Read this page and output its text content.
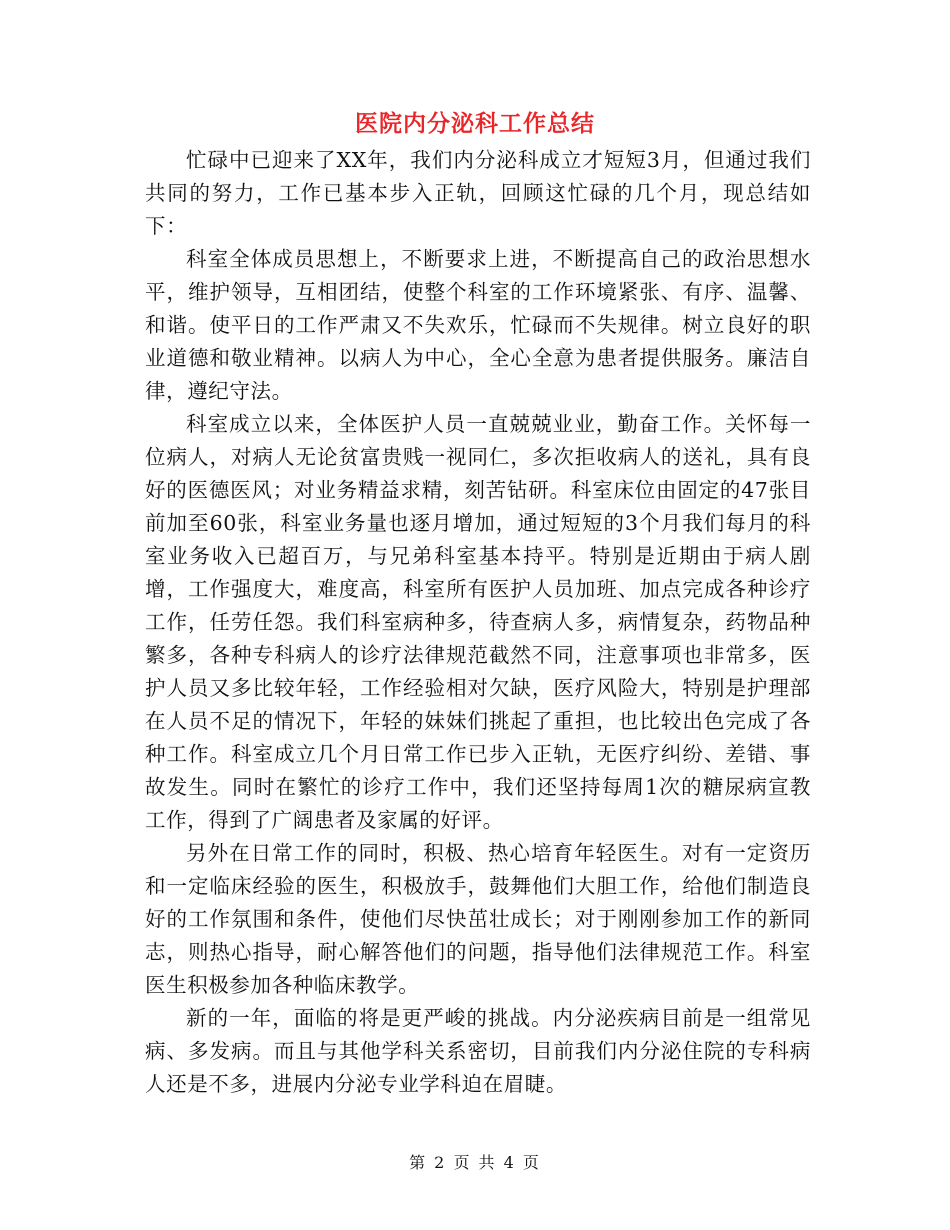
医院内分泌科工作总结

忙碌中已迎来了XX年，我们内分泌科成立才短短3月，但通过我们共同的努力，工作已基本步入正轨，回顾这忙碌的几个月，现总结如下：

科室全体成员思想上，不断要求上进，不断提高自己的政治思想水平，维护领导，互相团结，使整个科室的工作环境紧张、有序、温馨、和谐。使平日的工作严肃又不失欢乐，忙碌而不失规律。树立良好的职业道德和敬业精神。以病人为中心，全心全意为患者提供服务。廉洁自律，遵纪守法。

科室成立以来，全体医护人员一直兢兢业业，勤奋工作。关怀每一位病人，对病人无论贫富贵贱一视同仁，多次拒收病人的送礼，具有良好的医德医风；对业务精益求精，刻苦钻研。科室床位由固定的47张目前加至60张，科室业务量也逐月增加，通过短短的3个月我们每月的科室业务收入已超百万，与兄弟科室基本持平。特别是近期由于病人剧增，工作强度大，难度高，科室所有医护人员加班、加点完成各种诊疗工作，任劳任怨。我们科室病种多，待查病人多，病情复杂，药物品种繁多，各种专科病人的诊疗法律规范截然不同，注意事项也非常多，医护人员又多比较年轻，工作经验相对欠缺，医疗风险大，特别是护理部在人员不足的情况下，年轻的妹妹们挑起了重担，也比较出色完成了各种工作。科室成立几个月日常工作已步入正轨，无医疗纠纷、差错、事故发生。同时在繁忙的诊疗工作中，我们还坚持每周1次的糖尿病宣教工作，得到了广阔患者及家属的好评。

另外在日常工作的同时，积极、热心培育年轻医生。对有一定资历和一定临床经验的医生，积极放手，鼓舞他们大胆工作，给他们制造良好的工作氛围和条件，使他们尽快茁壮成长；对于刚刚参加工作的新同志，则热心指导，耐心解答他们的问题，指导他们法律规范工作。科室医生积极参加各种临床教学。

新的一年，面临的将是更严峻的挑战。内分泌疾病目前是一组常见病、多发病。而且与其他学科关系密切，目前我们内分泌住院的专科病人还是不多，进展内分泌专业学科迫在眉睫。

第 2 页 共 4 页
